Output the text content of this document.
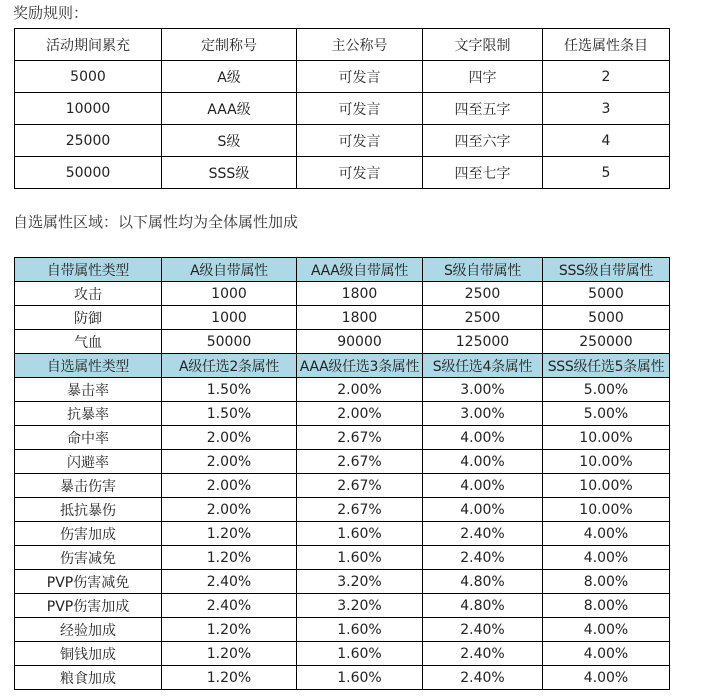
奖励规则：
活动期间累充	定制称号	主公称号	文字限制	任选属性条目
5000	A级	可发言	四字	2
10000	AAA级	可发言	四至五字	3
25000	S级	可发言	四至六字	4
50000	SSS级	可发言	四至七字	5
自选属性区域：以下属性均为全体属性加成
自带属性类型	A级自带属性	AAA级自带属性	S级自带属性	SSS级自带属性
攻击	1000	1800	2500	5000
防御	1000	1800	2500	5000
气血	50000	90000	125000	250000
自选属性类型	A级任选2条属性	AAA级任选3条属性	S级任选4条属性	SSS级任选5条属性
暴击率	1.50%	2.00%	3.00%	5.00%
抗暴率	1.50%	2.00%	3.00%	5.00%
命中率	2.00%	2.67%	4.00%	10.00%
闪避率	2.00%	2.67%	4.00%	10.00%
暴击伤害	2.00%	2.67%	4.00%	10.00%
抵抗暴伤	2.00%	2.67%	4.00%	10.00%
伤害加成	1.20%	1.60%	2.40%	4.00%
伤害减免	1.20%	1.60%	2.40%	4.00%
PVP伤害减免	2.40%	3.20%	4.80%	8.00%
PVP伤害加成	2.40%	3.20%	4.80%	8.00%
经验加成	1.20%	1.60%	2.40%	4.00%
铜钱加成	1.20%	1.60%	2.40%	4.00%
粮食加成	1.20%	1.60%	2.40%	4.00%
